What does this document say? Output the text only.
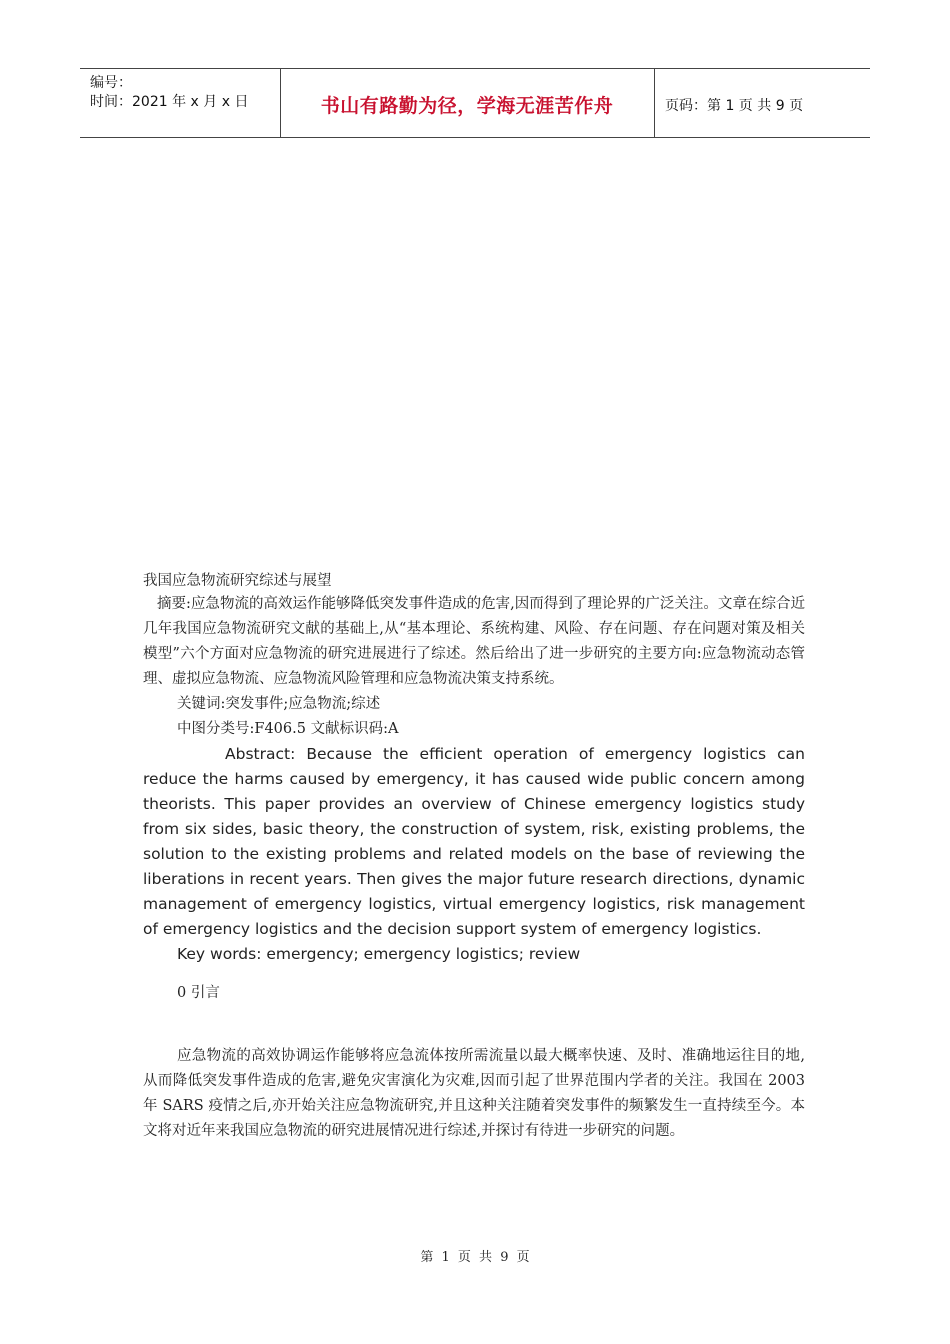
编号：
时间：2021 年 x 月 x 日	书山有路勤为径，学海无涯苦作舟	页码：第 1 页 共 9 页

我国应急物流研究综述与展望

摘要:应急物流的高效运作能够降低突发事件造成的危害,因而得到了理论界的广泛关注。文章在综合近几年我国应急物流研究文献的基础上,从“基本理论、系统构建、风险、存在问题、存在问题对策及相关模型”六个方面对应急物流的研究进展进行了综述。然后给出了进一步研究的主要方向:应急物流动态管理、虚拟应急物流、应急物流风险管理和应急物流决策支持系统。

关键词:突发事件;应急物流;综述

中图分类号:F406.5 文献标识码:A

Abstract: Because the efficient operation of emergency logistics can reduce the harms caused by emergency, it has caused wide public concern among theorists. This paper provides an overview of Chinese emergency logistics study from six sides, basic theory, the construction of system, risk, existing problems, the solution to the existing problems and related models on the base of reviewing the liberations in recent years. Then gives the major future research directions, dynamic management of emergency logistics, virtual emergency logistics, risk management of emergency logistics and the decision support system of emergency logistics.

Key words: emergency; emergency logistics; review

0 引言

应急物流的高效协调运作能够将应急流体按所需流量以最大概率快速、及时、准确地运往目的地,从而降低突发事件造成的危害,避免灾害演化为灾难,因而引起了世界范围内学者的关注。我国在 2003 年 SARS 疫情之后,亦开始关注应急物流研究,并且这种关注随着突发事件的频繁发生一直持续至今。本文将对近年来我国应急物流的研究进展情况进行综述,并探讨有待进一步研究的问题。

第 1 页 共 9 页
